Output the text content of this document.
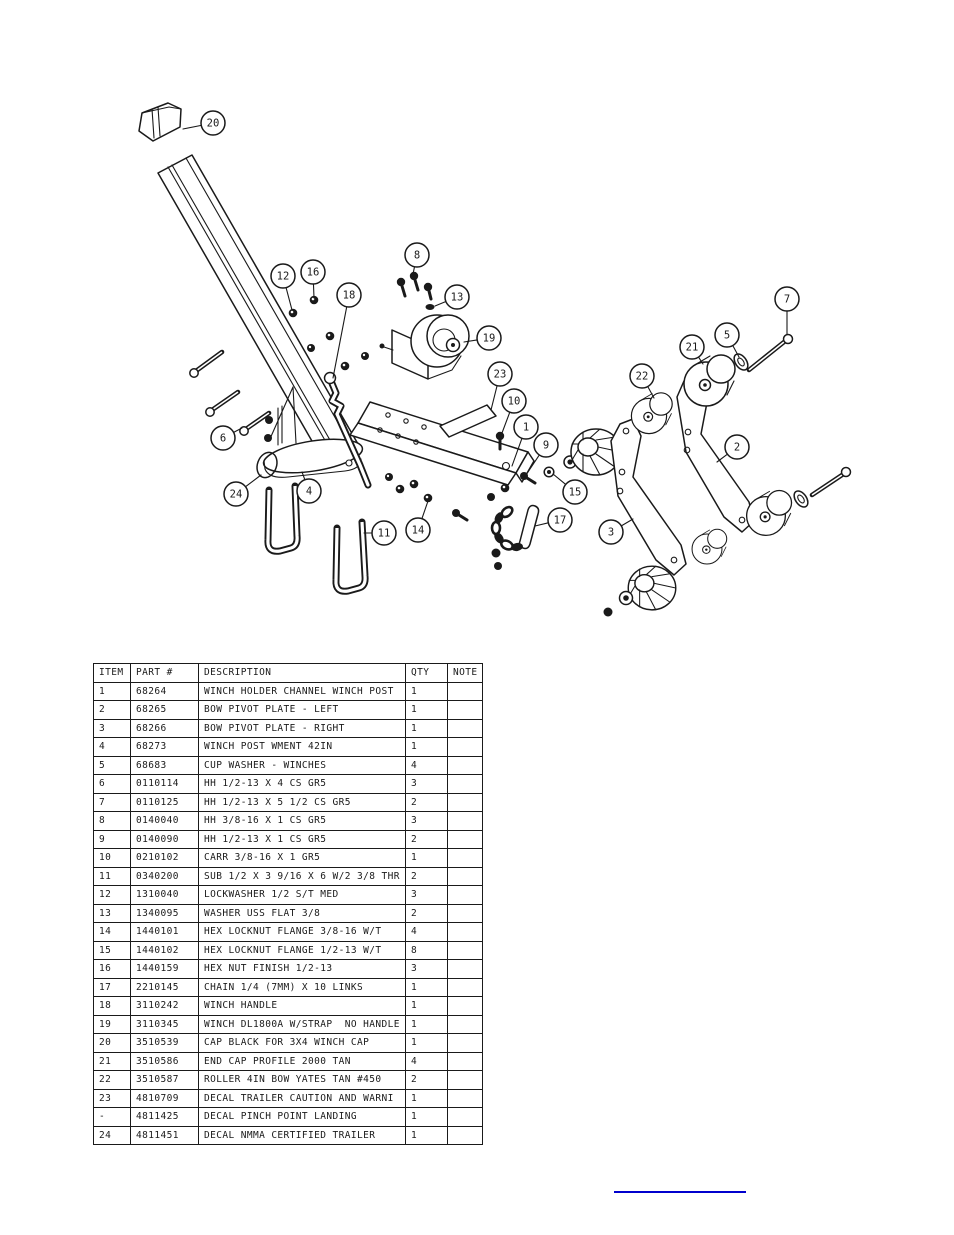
20
12 16
18
8
13
19
23
10
1
9
15
17
7
5
21
22
2
3
6
24	4
11 14
ITEM	PART #	DESCRIPTION	QTY	NOTE
1	68264	WINCH HOLDER CHANNEL WINCH POST	1	
2	68265	BOW PIVOT PLATE - LEFT	1	
3	68266	BOW PIVOT PLATE - RIGHT	1	
4	68273	WINCH POST WMENT 42IN	1	
5	68683	CUP WASHER - WINCHES	4	
6	0110114	HH 1/2-13 X 4 CS GR5	3	
7	0110125	HH 1/2-13 X 5 1/2 CS GR5	2	
8	0140040	HH 3/8-16 X 1 CS GR5	3	
9	0140090	HH 1/2-13 X 1 CS GR5	2	
10	0210102	CARR 3/8-16 X 1 GR5	1	
11	0340200	SUB 1/2 X 3 9/16 X 6 W/2 3/8 THR	2	
12	1310040	LOCKWASHER 1/2 S/T MED	3	
13	1340095	WASHER USS FLAT 3/8	2	
14	1440101	HEX LOCKNUT FLANGE 3/8-16 W/T	4	
15	1440102	HEX LOCKNUT FLANGE 1/2-13 W/T	8	
16	1440159	HEX NUT FINISH 1/2-13	3	
17	2210145	CHAIN 1/4 (7MM) X 10 LINKS	1	
18	3110242	WINCH HANDLE	1	
19	3110345	WINCH DL1800A W/STRAP  NO HANDLE	1	
20	3510539	CAP BLACK FOR 3X4 WINCH CAP	1	
21	3510586	END CAP PROFILE 2000 TAN	4	
22	3510587	ROLLER 4IN BOW YATES TAN #450	2	
23	4810709	DECAL TRAILER CAUTION AND WARNI	1	
-	4811425	DECAL PINCH POINT LANDING	1	
24	4811451	DECAL NMMA CERTIFIED TRAILER	1	
